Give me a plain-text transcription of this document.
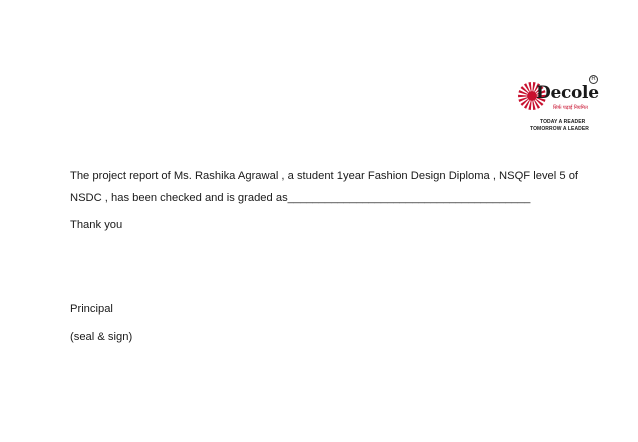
R
Decole
सिर्फ पढ़ाई नियमित
TODAY A READER
TOMORROW A LEADER
The project report of Ms. Rashika Agrawal , a student 1year Fashion Design Diploma , NSQF level 5 of
NSDC , has been checked and is graded as_______________________________________
Thank you
Principal
(seal & sign)
